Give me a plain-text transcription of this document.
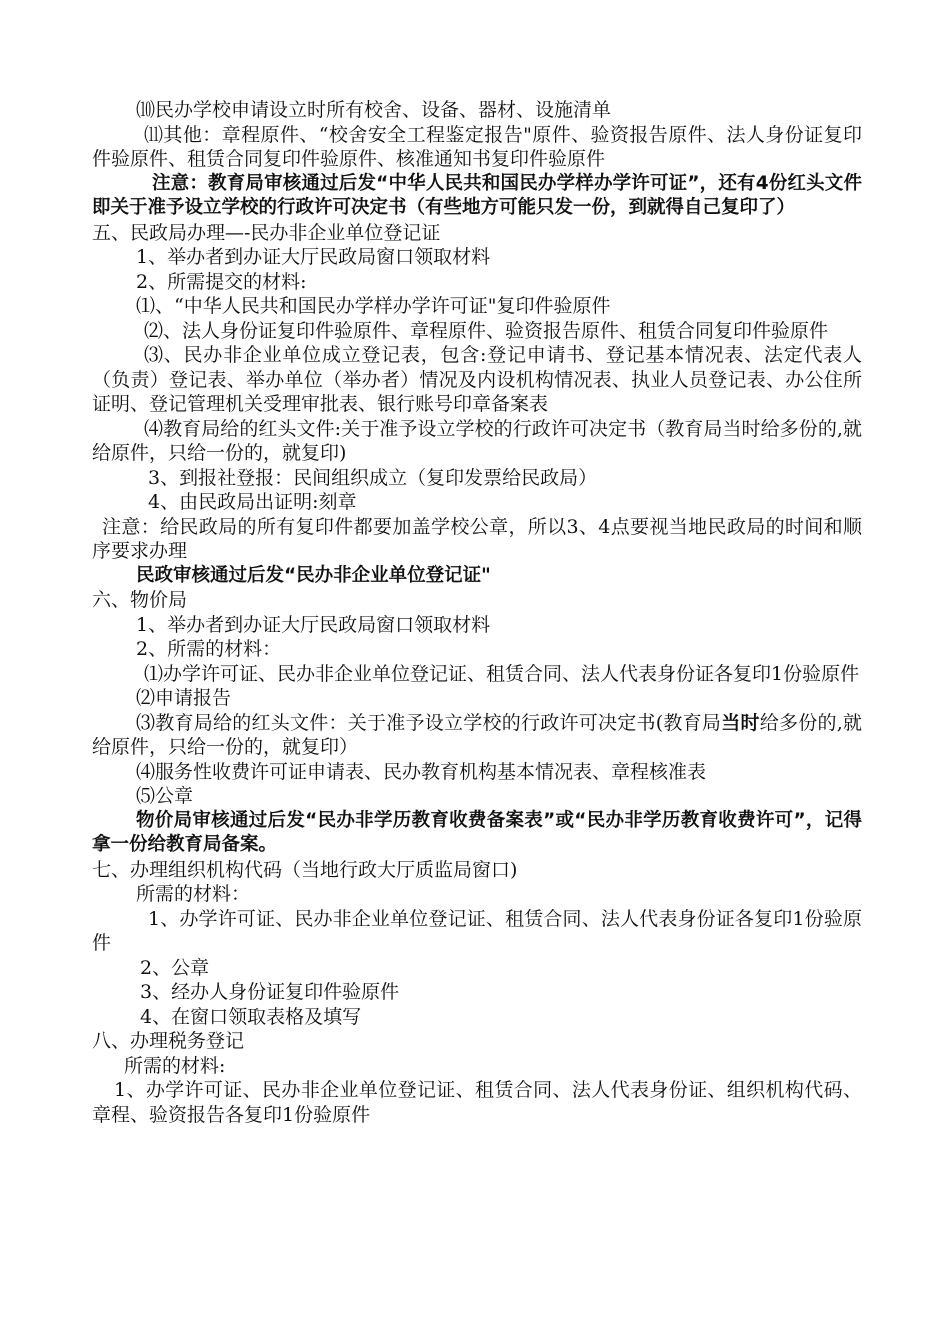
⑽民办学校申请设立时所有校舍、设备、器材、设施清单

⑾其他：章程原件、“校舍安全工程鉴定报告"原件、验资报告原件、法人身份证复印件验原件、租赁合同复印件验原件、核准通知书复印件验原件

注意：教育局审核通过后发“中华人民共和国民办学样办学许可证”，还有4份红头文件即关于准予设立学校的行政许可决定书（有些地方可能只发一份，到就得自己复印了）

五、民政局办理—-民办非企业单位登记证

1、举办者到办证大厅民政局窗口领取材料

2、所需提交的材料:

⑴、“中华人民共和国民办学样办学许可证"复印件验原件

⑵、法人身份证复印件验原件、章程原件、验资报告原件、租赁合同复印件验原件

⑶、民办非企业单位成立登记表，包含:登记申请书、登记基本情况表、法定代表人（负责）登记表、举办单位（举办者）情况及内设机构情况表、执业人员登记表、办公住所证明、登记管理机关受理审批表、银行账号印章备案表

⑷教育局给的红头文件:关于准予设立学校的行政许可决定书（教育局当时给多份的,就给原件，只给一份的，就复印)

3、到报社登报：民间组织成立（复印发票给民政局）

4、由民政局出证明:刻章

注意：给民政局的所有复印件都要加盖学校公章，所以3、4点要视当地民政局的时间和顺序要求办理

民政审核通过后发“民办非企业单位登记证"

六、物价局

1、举办者到办证大厅民政局窗口领取材料

2、所需的材料：

⑴办学许可证、民办非企业单位登记证、租赁合同、法人代表身份证各复印1份验原件

⑵申请报告

⑶教育局给的红头文件：关于准予设立学校的行政许可决定书(教育局当时给多份的,就给原件，只给一份的，就复印）

⑷服务性收费许可证申请表、民办教育机构基本情况表、章程核准表

⑸公章

物价局审核通过后发“民办非学历教育收费备案表”或“民办非学历教育收费许可”，记得拿一份给教育局备案。

七、办理组织机构代码（当地行政大厅质监局窗口)

所需的材料：

1、办学许可证、民办非企业单位登记证、租赁合同、法人代表身份证各复印1份验原件

2、公章

3、经办人身份证复印件验原件

4、在窗口领取表格及填写

八、办理税务登记

所需的材料:

1、办学许可证、民办非企业单位登记证、租赁合同、法人代表身份证、组织机构代码、章程、验资报告各复印1份验原件
